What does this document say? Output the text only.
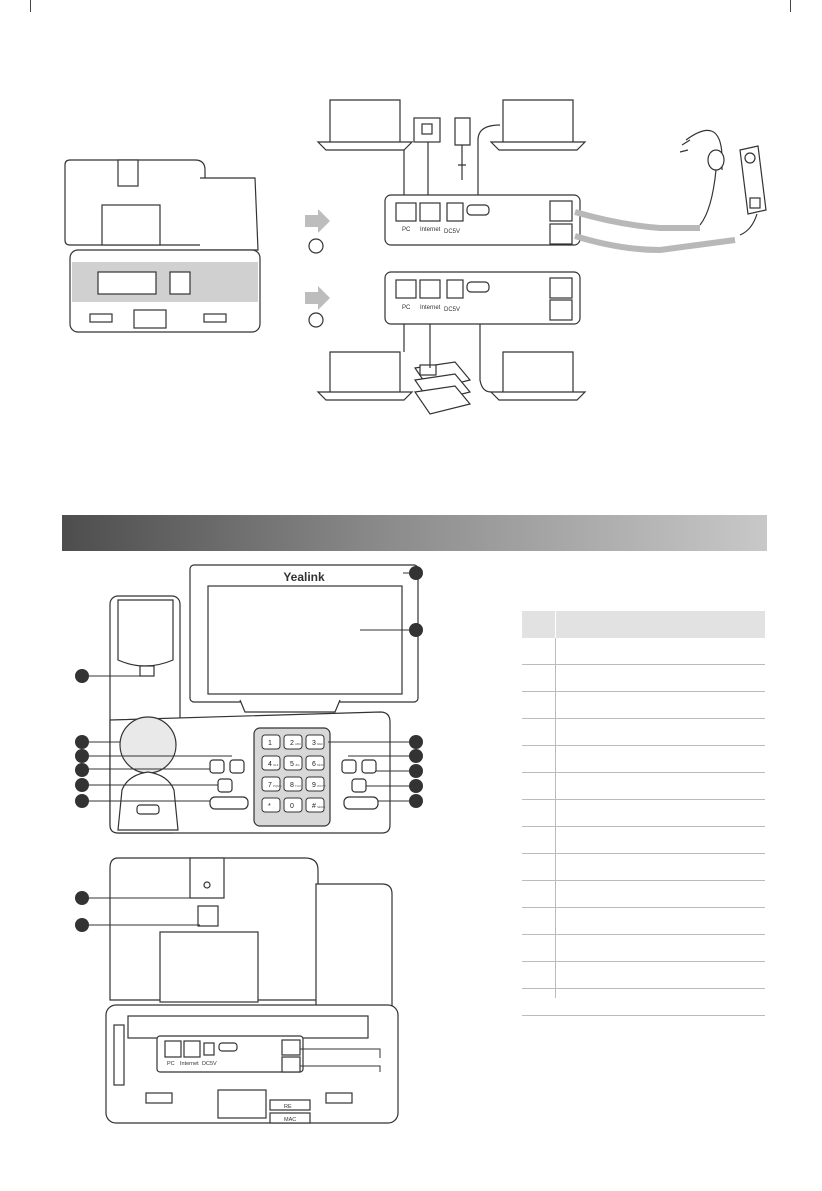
PC Internet DC5V
PC Internet DC5V
1	2 ABC 3 DEF
4 GHI 5 JKL 6 MNO
7 PQRS 8 TUV 9 WXYZ
* . 0	# SEND
Yealink
PC Internet DC5V
RE
MAC
